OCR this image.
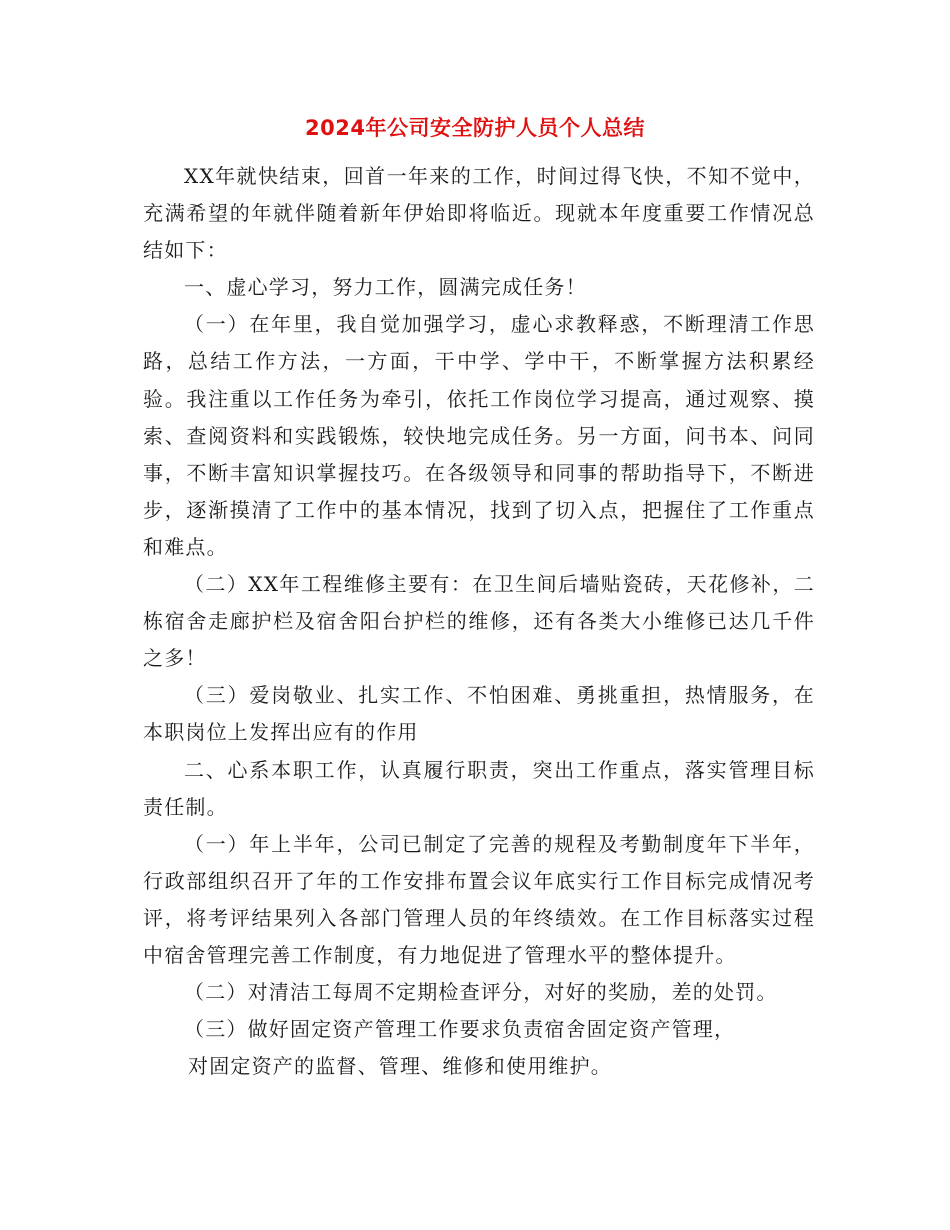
2024年公司安全防护人员个人总结

XX年就快结束，回首一年来的工作，时间过得飞快，不知不觉中，充满希望的年就伴随着新年伊始即将临近。现就本年度重要工作情况总结如下：

一、虚心学习，努力工作，圆满完成任务！

（一）在年里，我自觉加强学习，虚心求教释惑，不断理清工作思路，总结工作方法，一方面，干中学、学中干，不断掌握方法积累经验。我注重以工作任务为牵引，依托工作岗位学习提高，通过观察、摸索、查阅资料和实践锻炼，较快地完成任务。另一方面，问书本、问同事，不断丰富知识掌握技巧。在各级领导和同事的帮助指导下，不断进步，逐渐摸清了工作中的基本情况，找到了切入点，把握住了工作重点和难点。

（二）XX年工程维修主要有：在卫生间后墙贴瓷砖，天花修补，二栋宿舍走廊护栏及宿舍阳台护栏的维修，还有各类大小维修已达几千件之多！

（三）爱岗敬业、扎实工作、不怕困难、勇挑重担，热情服务，在本职岗位上发挥出应有的作用

二、心系本职工作，认真履行职责，突出工作重点，落实管理目标责任制。

（一）年上半年，公司已制定了完善的规程及考勤制度年下半年，行政部组织召开了年的工作安排布置会议年底实行工作目标完成情况考评，将考评结果列入各部门管理人员的年终绩效。在工作目标落实过程中宿舍管理完善工作制度，有力地促进了管理水平的整体提升。

（二）对清洁工每周不定期检查评分，对好的奖励，差的处罚。

（三）做好固定资产管理工作要求负责宿舍固定资产管理，

对固定资产的监督、管理、维修和使用维护。
